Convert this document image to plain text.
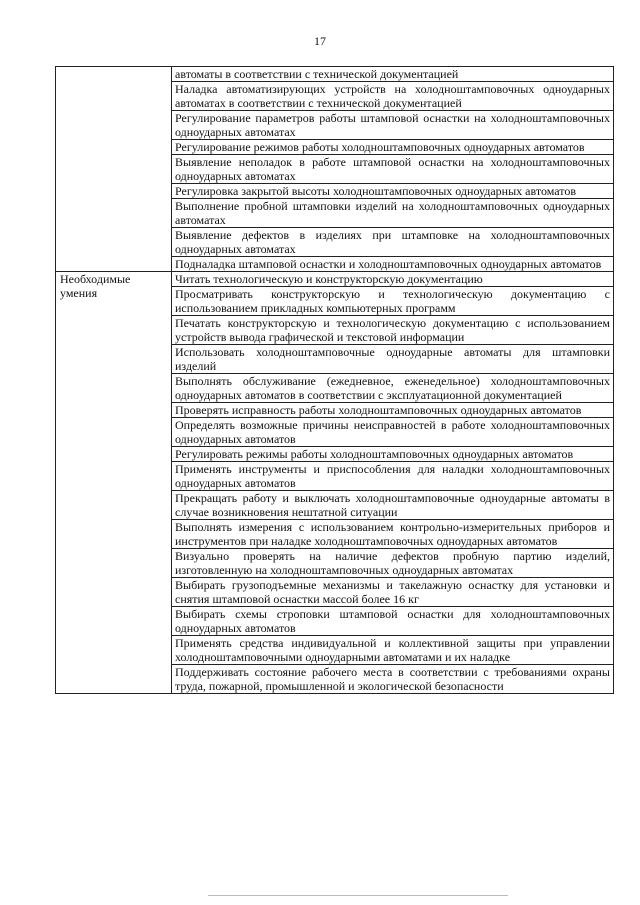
17
	автоматы в соответствии с технической документацией
	Наладка автоматизирующих устройств на холодноштамповочных одноударных автоматах в соответствии с технической документацией
	Регулирование параметров работы штамповой оснастки на холодноштамповочных одноударных автоматах
	Регулирование режимов работы холодноштамповочных одноударных автоматов
	Выявление неполадок в работе штамповой оснастки на холодноштамповочных одноударных автоматах
	Регулировка закрытой высоты холодноштамповочных одноударных автоматов
	Выполнение пробной штамповки изделий на холодноштамповочных одноударных автоматах
	Выявление дефектов в изделиях при штамповке на холодноштамповочных одноударных автоматах
	Подналадка штамповой оснастки и холодноштамповочных одноударных автоматов
Необходимые умения	Читать технологическую и конструкторскую документацию
	Просматривать конструкторскую и технологическую документацию с использованием прикладных компьютерных программ
	Печатать конструкторскую и технологическую документацию с использованием устройств вывода графической и текстовой информации
	Использовать холодноштамповочные одноударные автоматы для штамповки изделий
	Выполнять обслуживание (ежедневное, еженедельное) холодноштамповочных одноударных автоматов в соответствии с эксплуатационной документацией
	Проверять исправность работы холодноштамповочных одноударных автоматов
	Определять возможные причины неисправностей в работе холодноштамповочных одноударных автоматов
	Регулировать режимы работы холодноштамповочных одноударных автоматов
	Применять инструменты и приспособления для наладки холодноштамповочных одноударных автоматов
	Прекращать работу и выключать холодноштамповочные одноударные автоматы в случае возникновения нештатной ситуации
	Выполнять измерения с использованием контрольно-измерительных приборов и инструментов при наладке холодноштамповочных одноударных автоматов
	Визуально проверять на наличие дефектов пробную партию изделий, изготовленную на холодноштамповочных одноударных автоматах
	Выбирать грузоподъемные механизмы и такелажную оснастку для установки и снятия штамповой оснастки массой более 16 кг
	Выбирать схемы строповки штамповой оснастки для холодноштамповочных одноударных автоматов
	Применять средства индивидуальной и коллективной защиты при управлении холодноштамповочными одноударными автоматами и их наладке
	Поддерживать состояние рабочего места в соответствии с требованиями охраны труда, пожарной, промышленной и экологической безопасности
